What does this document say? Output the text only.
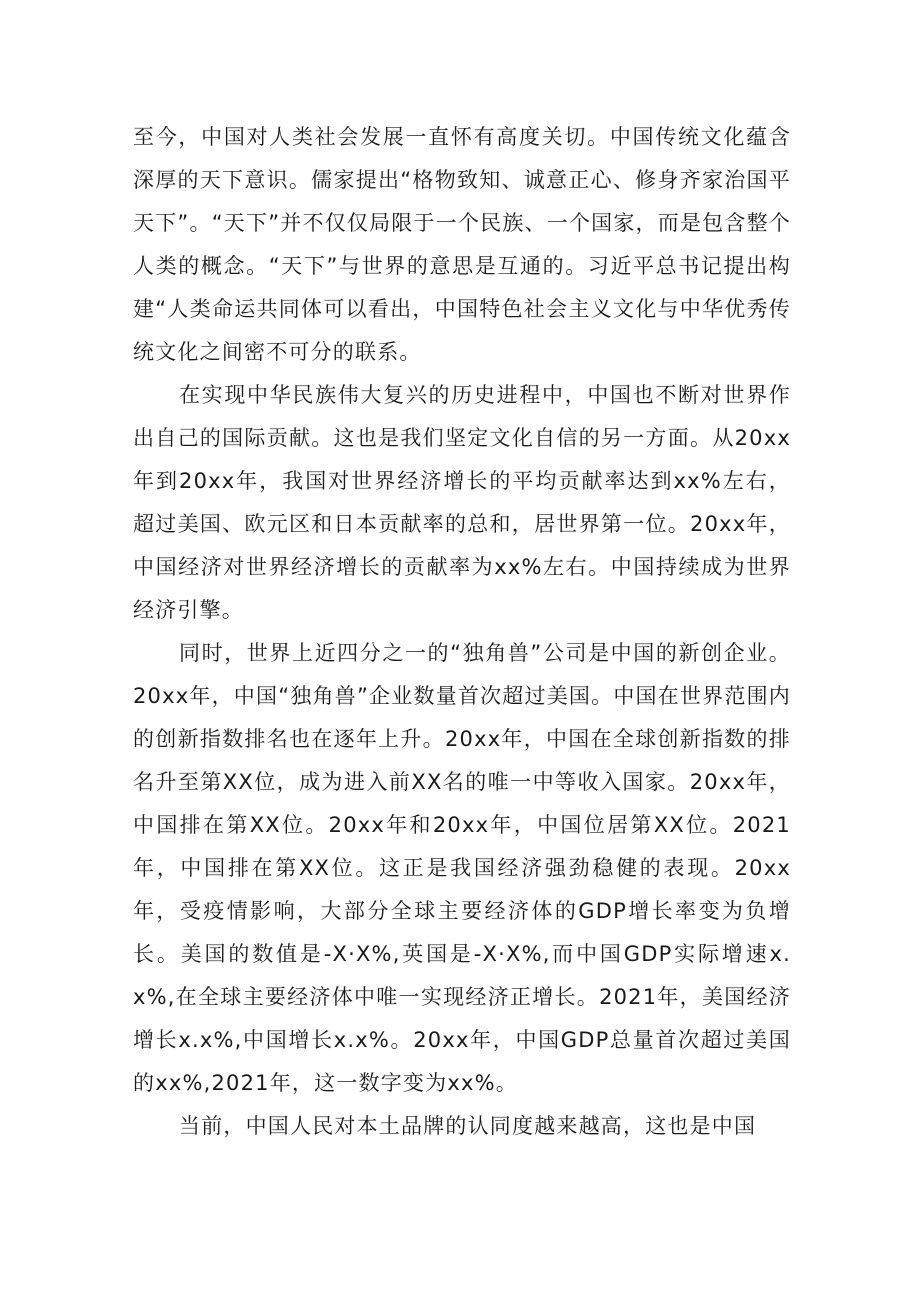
至今，中国对人类社会发展一直怀有高度关切。中国传统文化蕴含深厚的天下意识。儒家提出“格物致知、诚意正心、修身齐家治国平天下”。“天下”并不仅仅局限于一个民族、一个国家，而是包含整个人类的概念。“天下”与世界的意思是互通的。习近平总书记提出构建“人类命运共同体可以看出，中国特色社会主义文化与中华优秀传统文化之间密不可分的联系。

在实现中华民族伟大复兴的历史进程中，中国也不断对世界作出自己的国际贡献。这也是我们坚定文化自信的另一方面。从20xx年到20xx年，我国对世界经济增长的平均贡献率达到xx%左右，超过美国、欧元区和日本贡献率的总和，居世界第一位。20xx年，中国经济对世界经济增长的贡献率为xx%左右。中国持续成为世界经济引擎。

同时，世界上近四分之一的“独角兽”公司是中国的新创企业。20xx年，中国“独角兽”企业数量首次超过美国。中国在世界范围内的创新指数排名也在逐年上升。20xx年，中国在全球创新指数的排名升至第XX位，成为进入前XX名的唯一中等收入国家。20xx年，中国排在第XX位。20xx年和20xx年，中国位居第XX位。2021年，中国排在第XX位。这正是我国经济强劲稳健的表现。20xx年，受疫情影响，大部分全球主要经济体的GDP增长率变为负增长。美国的数值是-X·X%,英国是-X·X%,而中国GDP实际增速x.x%,在全球主要经济体中唯一实现经济正增长。2021年，美国经济增长x.x%,中国增长x.x%。20xx年，中国GDP总量首次超过美国的xx%,2021年，这一数字变为xx%。

当前，中国人民对本土品牌的认同度越来越高，这也是中国
